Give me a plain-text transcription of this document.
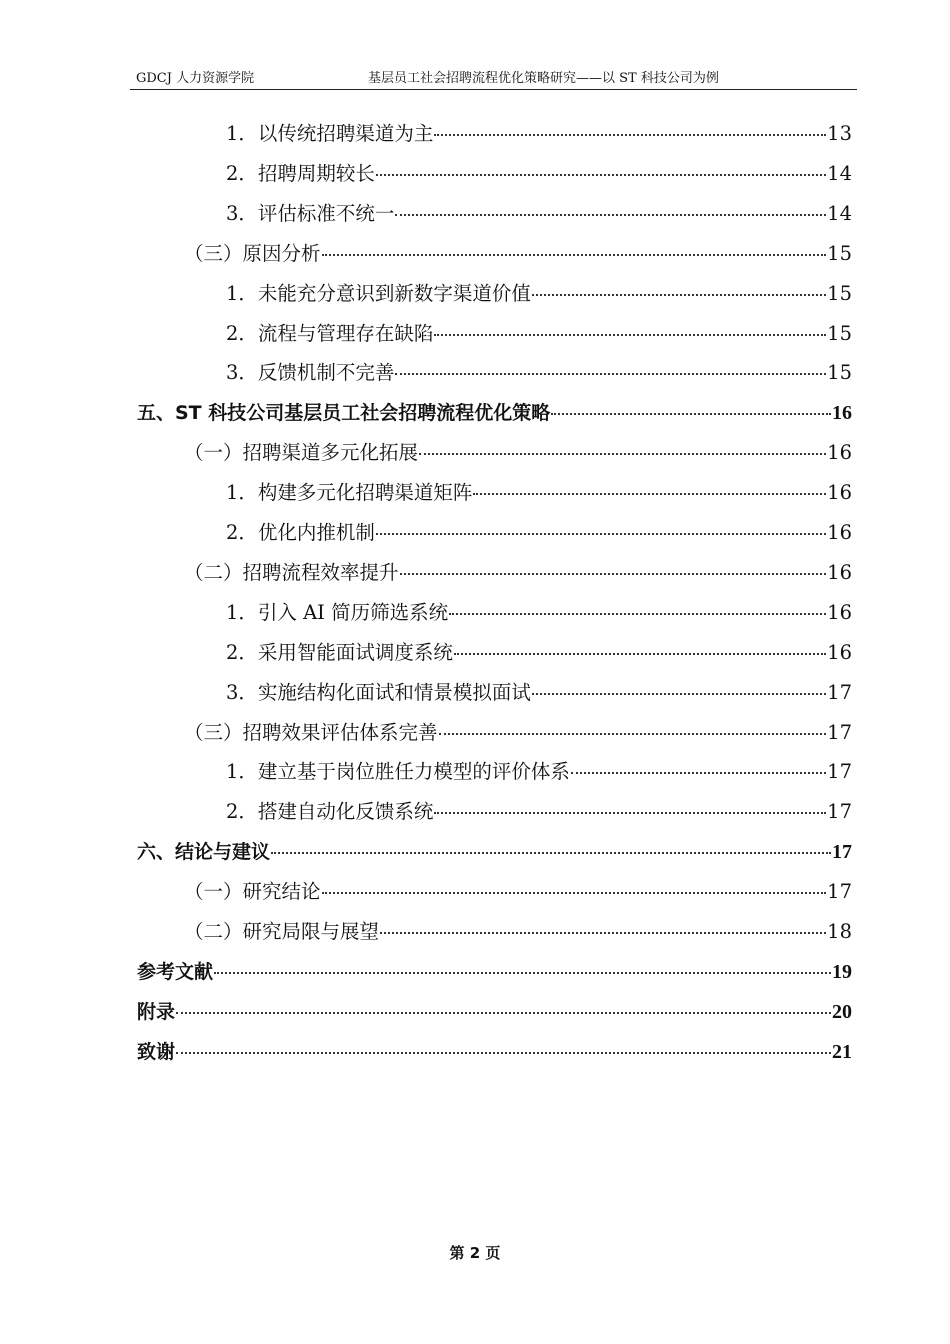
GDCJ 人力资源学院	基层员工社会招聘流程优化策略研究——以 ST 科技公司为例
1．以传统招聘渠道为主	13
2．招聘周期较长	14
3．评估标准不统一	14
（三）原因分析	15
1．未能充分意识到新数字渠道价值	15
2．流程与管理存在缺陷	15
3．反馈机制不完善	15
五、ST 科技公司基层员工社会招聘流程优化策略	16
（一）招聘渠道多元化拓展	16
1．构建多元化招聘渠道矩阵	16
2．优化内推机制	16
（二）招聘流程效率提升	16
1．引入 AI 简历筛选系统	16
2．采用智能面试调度系统	16
3．实施结构化面试和情景模拟面试	17
（三）招聘效果评估体系完善	17
1．建立基于岗位胜任力模型的评价体系	17
2．搭建自动化反馈系统	17
六、结论与建议	17
（一）研究结论	17
（二）研究局限与展望	18
参考文献	19
附录	20
致谢	21
第 2 页
